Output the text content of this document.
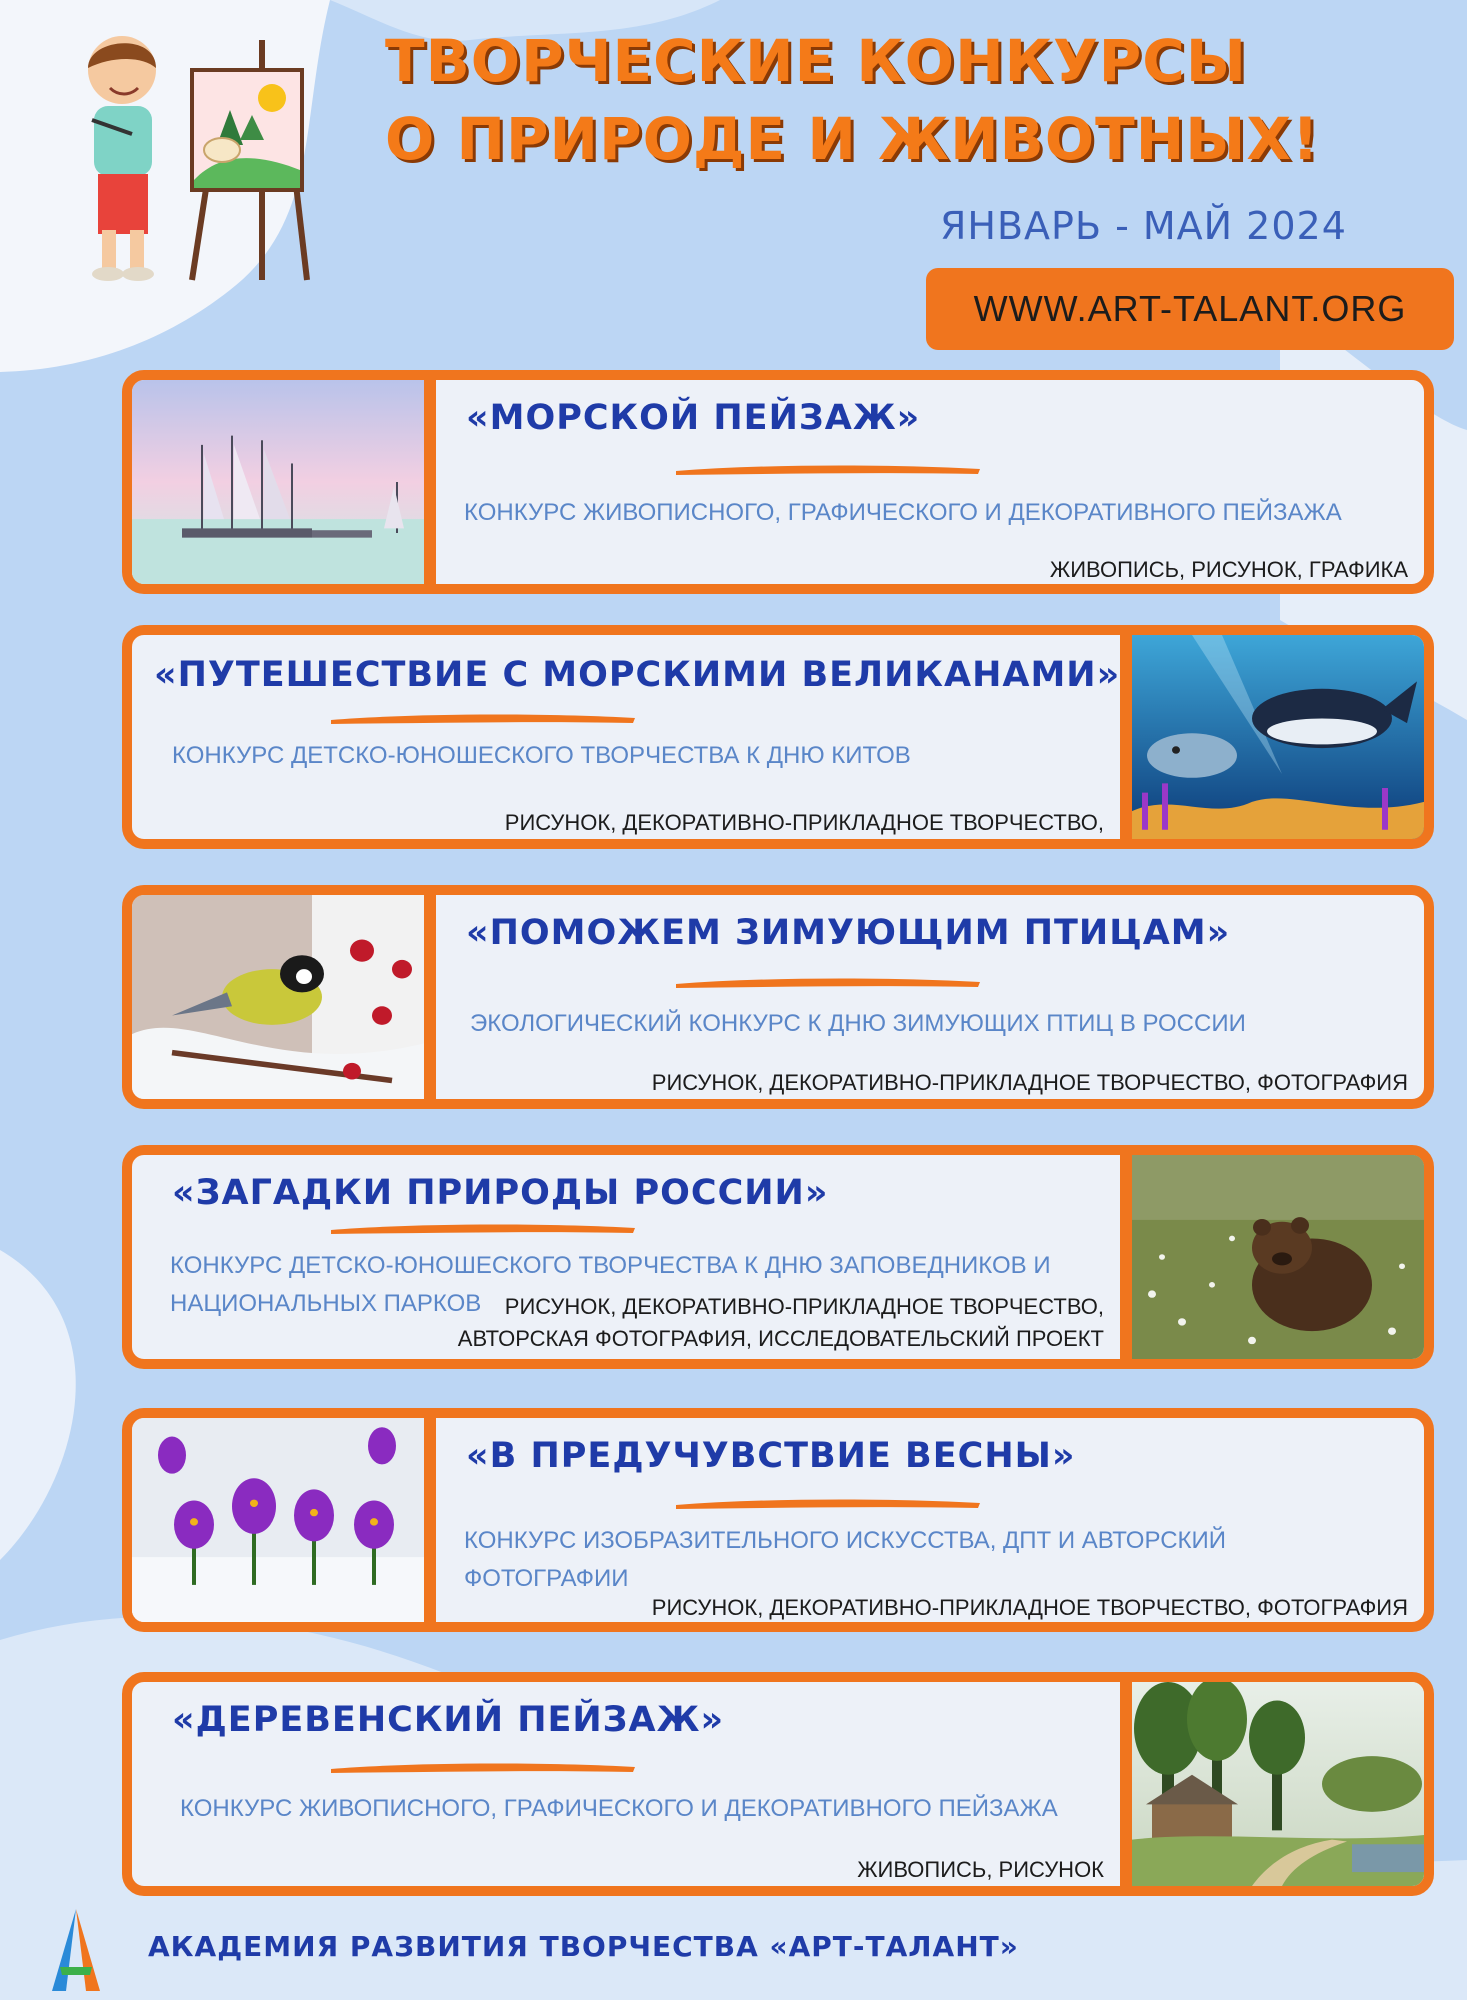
ТВОРЧЕСКИЕ КОНКУРСЫ
О ПРИРОДЕ И ЖИВОТНЫХ!
ЯНВАРЬ - МАЙ 2024
WWW.ART-TALANT.ORG
«МОРСКОЙ ПЕЙЗАЖ»
КОНКУРС ЖИВОПИСНОГО, ГРАФИЧЕСКОГО И ДЕКОРАТИВНОГО ПЕЙЗАЖА
ЖИВОПИСЬ, РИСУНОК, ГРАФИКА
«ПУТЕШЕСТВИЕ С МОРСКИМИ ВЕЛИКАНАМИ»
КОНКУРС ДЕТСКО-ЮНОШЕСКОГО ТВОРЧЕСТВА К ДНЮ КИТОВ
РИСУНОК, ДЕКОРАТИВНО-ПРИКЛАДНОЕ ТВОРЧЕСТВО,
«ПОМОЖЕМ ЗИМУЮЩИМ ПТИЦАМ»
ЭКОЛОГИЧЕСКИЙ КОНКУРС К ДНЮ ЗИМУЮЩИХ ПТИЦ В РОССИИ
РИСУНОК, ДЕКОРАТИВНО-ПРИКЛАДНОЕ ТВОРЧЕСТВО, ФОТОГРАФИЯ
«ЗАГАДКИ ПРИРОДЫ РОССИИ»
КОНКУРС ДЕТСКО-ЮНОШЕСКОГО ТВОРЧЕСТВА К ДНЮ ЗАПОВЕДНИКОВ И НАЦИОНАЛЬНЫХ ПАРКОВ	РИСУНОК, ДЕКОРАТИВНО-ПРИКЛАДНОЕ ТВОРЧЕСТВО,
АВТОРСКАЯ ФОТОГРАФИЯ, ИССЛЕДОВАТЕЛЬСКИЙ ПРОЕКТ
«В ПРЕДУЧУВСТВИЕ ВЕСНЫ»
КОНКУРС ИЗОБРАЗИТЕЛЬНОГО ИСКУССТВА, ДПТ И АВТОРСКИЙ ФОТОГРАФИИ
РИСУНОК, ДЕКОРАТИВНО-ПРИКЛАДНОЕ ТВОРЧЕСТВО, ФОТОГРАФИЯ
«ДЕРЕВЕНСКИЙ ПЕЙЗАЖ»
КОНКУРС ЖИВОПИСНОГО, ГРАФИЧЕСКОГО И ДЕКОРАТИВНОГО ПЕЙЗАЖА
ЖИВОПИСЬ, РИСУНОК
АКАДЕМИЯ РАЗВИТИЯ ТВОРЧЕСТВА «АРТ-ТАЛАНТ»
